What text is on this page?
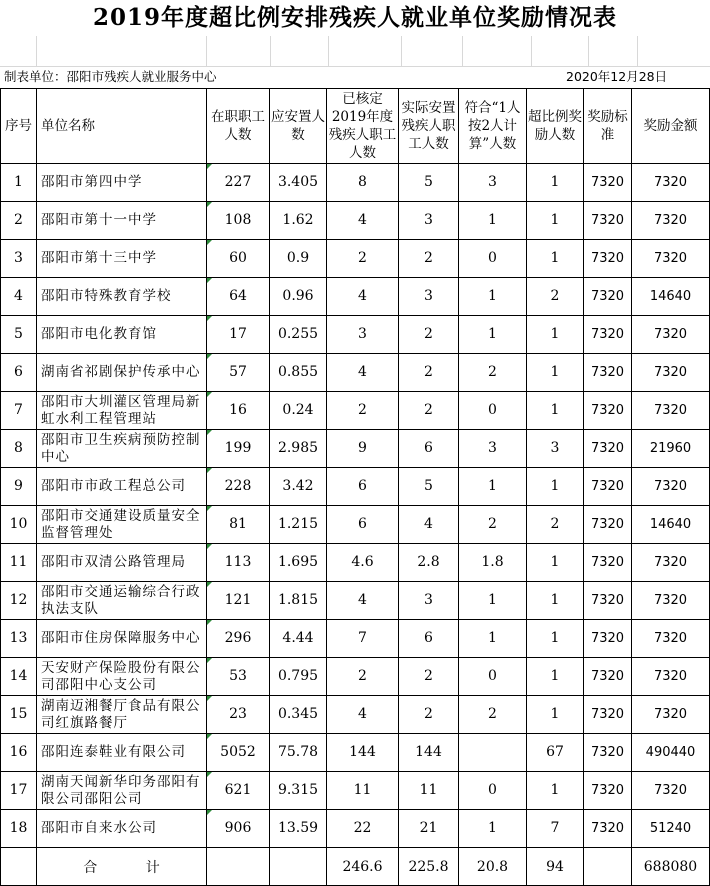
2019年度超比例安排残疾人就业单位奖励情况表
制表单位：邵阳市残疾人就业服务中心	2020年12月28日
序号	单位名称	在职职工人数	应安置人数	已核定2019年度残疾人职工人数	实际安置残疾人职工人数	符合“1人按2人计算”人数	超比例奖励人数	奖励标准	奖励金额
1	邵阳市第四中学	227	3.405	8	5	3	1	7320	7320
2	邵阳市第十一中学	108	1.62	4	3	1	1	7320	7320
3	邵阳市第十三中学	60	0.9	2	2	0	1	7320	7320
4	邵阳市特殊教育学校	64	0.96	4	3	1	2	7320	14640
5	邵阳市电化教育馆	17	0.255	3	2	1	1	7320	7320
6	湖南省祁剧保护传承中心	57	0.855	4	2	2	1	7320	7320
7	邵阳市大圳灌区管理局新虹水利工程管理站	16	0.24	2	2	0	1	7320	7320
8	邵阳市卫生疾病预防控制中心	199	2.985	9	6	3	3	7320	21960
9	邵阳市市政工程总公司	228	3.42	6	5	1	1	7320	7320
10	邵阳市交通建设质量安全监督管理处	81	1.215	6	4	2	2	7320	14640
11	邵阳市双清公路管理局	113	1.695	4.6	2.8	1.8	1	7320	7320
12	邵阳市交通运输综合行政执法支队	121	1.815	4	3	1	1	7320	7320
13	邵阳市住房保障服务中心	296	4.44	7	6	1	1	7320	7320
14	天安财产保险股份有限公司邵阳中心支公司	53	0.795	2	2	0	1	7320	7320
15	湖南迈湘餐厅食品有限公司红旗路餐厅	23	0.345	4	2	2	1	7320	7320
16	邵阳连泰鞋业有限公司	5052	75.78	144	144		67	7320	490440
17	湖南天闻新华印务邵阳有限公司邵阳公司	621	9.315	11	11	0	1	7320	7320
18	邵阳市自来水公司	906	13.59	22	21	1	7	7320	51240
	合 计			246.6	225.8	20.8	94		688080
